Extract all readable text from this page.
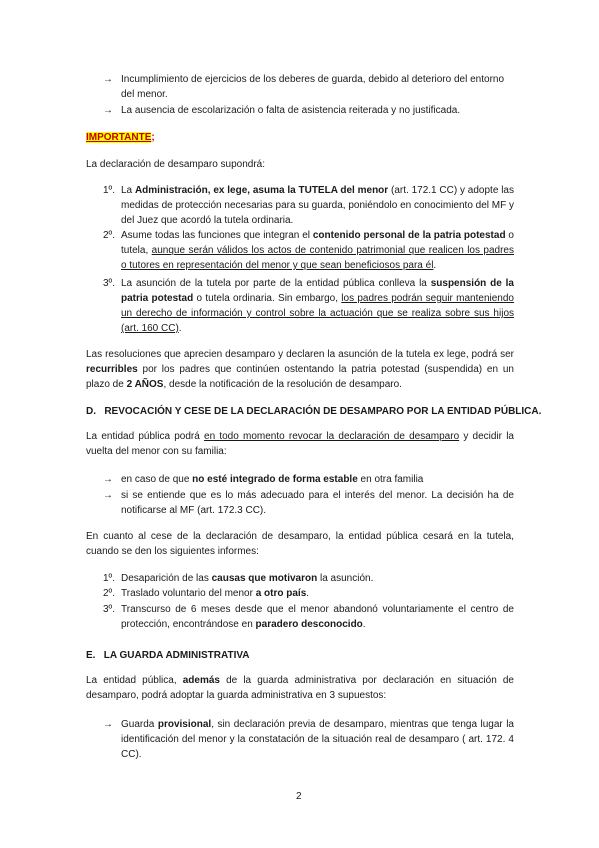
→ Incumplimiento de ejercicios de los deberes de guarda, debido al deterioro del entorno
del menor.
→ La ausencia de escolarización o falta de asistencia reiterada y no justificada.
IMPORTANTE;
La declaración de desamparo supondrá:
1º. La Administración, ex lege, asuma la TUTELA del menor (art. 172.1 CC) y adopte las medidas de protección necesarias para su guarda, poniéndolo en conocimiento del MF y del Juez que acordó la tutela ordinaria.
2º. Asume todas las funciones que integran el contenido personal de la patria potestad o tutela, aunque serán válidos los actos de contenido patrimonial que realicen los padres o tutores en representación del menor y que sean beneficiosos para él.
3º. La asunción de la tutela por parte de la entidad pública conlleva la suspensión de la patria potestad o tutela ordinaria. Sin embargo, los padres podrán seguir manteniendo un derecho de información y control sobre la actuación que se realiza sobre sus hijos (art. 160 CC).
Las resoluciones que aprecien desamparo y declaren la asunción de la tutela ex lege, podrá ser recurribles por los padres que continúen ostentando la patria potestad (suspendida) en un plazo de 2 AÑOS, desde la notificación de la resolución de desamparo.
D.   REVOCACIÓN Y CESE DE LA DECLARACIÓN DE DESAMPARO POR LA ENTIDAD PÚBLICA.
La entidad pública podrá en todo momento revocar la declaración de desamparo y decidir la vuelta del menor con su familia:
→ en caso de que no esté integrado de forma estable en otra familia
→ si se entiende que es lo más adecuado para el interés del menor. La decisión ha de notificarse al MF (art. 172.3 CC).
En cuanto al cese de la declaración de desamparo, la entidad pública cesará en la tutela, cuando se den los siguientes informes:
1º. Desaparición de las causas que motivaron la asunción.
2º. Traslado voluntario del menor a otro país.
3º. Transcurso de 6 meses desde que el menor abandonó voluntariamente el centro de protección, encontrándose en paradero desconocido.
E.   LA GUARDA ADMINISTRATIVA
La entidad pública, además de la guarda administrativa por declaración en situación de desamparo, podrá adoptar la guarda administrativa en 3 supuestos:
→ Guarda provisional, sin declaración previa de desamparo, mientras que tenga lugar la identificación del menor y la constatación de la situación real de desamparo ( art. 172. 4 CC).
2
